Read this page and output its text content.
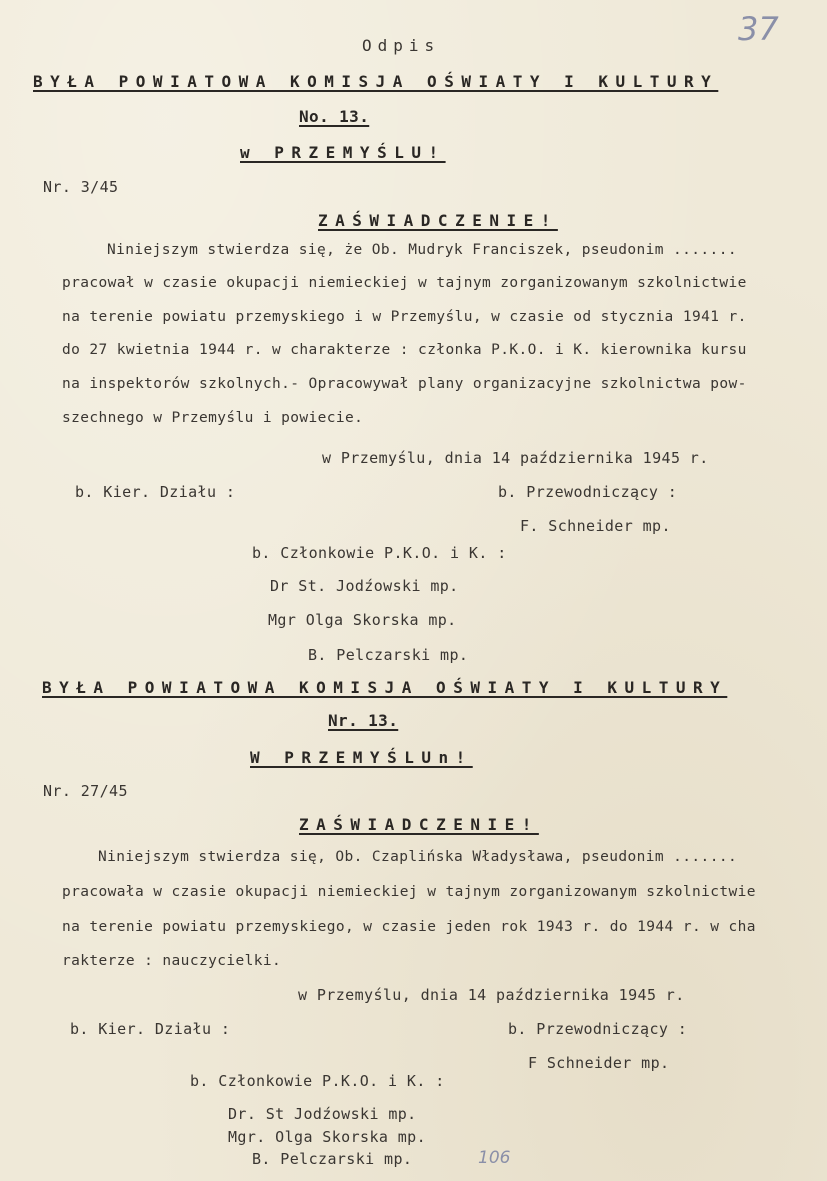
37
Odpis
BYŁA POWIATOWA KOMISJA OŚWIATY I KULTURY
No. 13.
w PRZEMYŚLU!
Nr. 3/45
ZAŚWIADCZENIE!
Niniejszym stwierdza się, że Ob. Mudryk Franciszek, pseudonim .......
pracował w czasie okupacji niemieckiej w tajnym zorganizowanym szkolnictwie
na terenie powiatu przemyskiego i w Przemyślu, w czasie od stycznia 1941 r.
do 27 kwietnia 1944 r. w charakterze : członka P.K.O. i K. kierownika kursu
na inspektorów szkolnych.- Opracowywał plany organizacyjne szkolnictwa pow-
szechnego w Przemyślu i powiecie.
w Przemyślu, dnia 14 października 1945 r.
b. Kier. Działu :	b. Przewodniczący :
F. Schneider mp.
b. Członkowie P.K.O. i K. :
Dr St. Jodźowski mp.
Mgr Olga Skorska mp.
B. Pelczarski mp.
BYŁA POWIATOWA KOMISJA OŚWIATY I KULTURY
Nr. 13.
W PRZEMYŚLUn!
Nr. 27/45
ZAŚWIADCZENIE!
Niniejszym stwierdza się, Ob. Czaplińska Władysława, pseudonim .......
pracowała w czasie okupacji niemieckiej w tajnym zorganizowanym szkolnictwie
na terenie powiatu przemyskiego, w czasie jeden rok 1943 r. do 1944 r. w cha
rakterze : nauczycielki.
w Przemyślu, dnia 14 października 1945 r.
b. Kier. Działu :	b. Przewodniczący :
F Schneider mp.
b. Członkowie P.K.O. i K. :
Dr. St Jodźowski mp.
Mgr. Olga Skorska mp.
B. Pelczarski mp.	106
